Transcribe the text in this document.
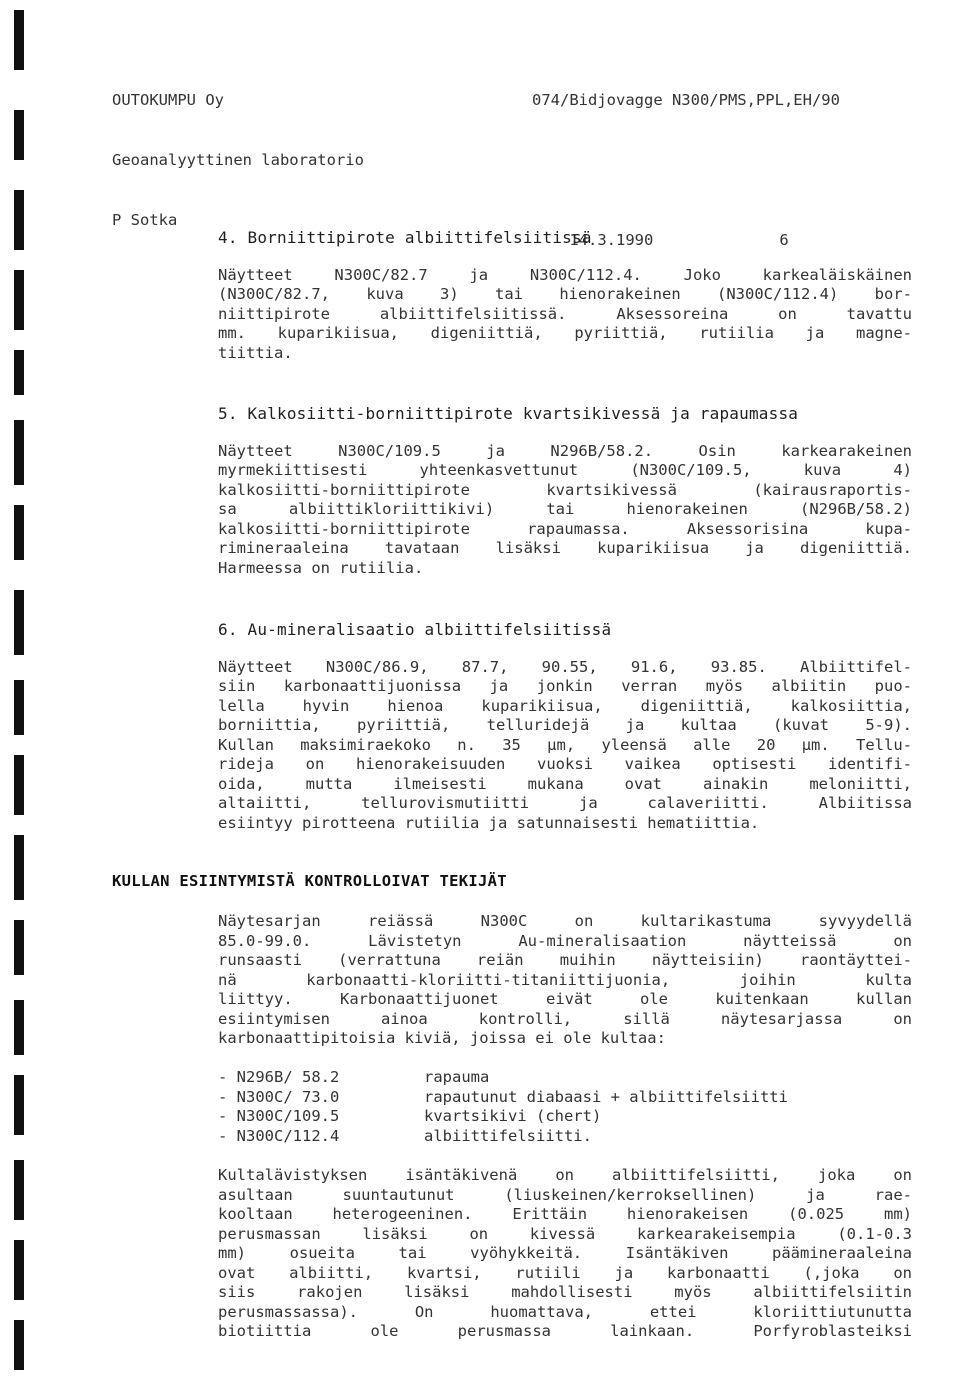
OUTOKUMPU Oy

Geoanalyyttinen laboratorio

P Sotka

074/Bidjovagge N300/PMS,PPL,EH/90

14.3.1990	6

4. Borniittipirote albiittifelsiitissä
Näytteet N300C/82.7 ja N300C/112.4. Joko karkealäiskäinen
(N300C/82.7, kuva 3) tai hienorakeinen (N300C/112.4) bor-
niittipirote albiittifelsiitissä. Aksessoreina on tavattu
mm. kuparikiisua, digeniittiä, pyriittiä, rutiilia ja magne-
tiittia.
5. Kalkosiitti-borniittipirote kvartsikivessä ja rapaumassa
Näytteet N300C/109.5 ja N296B/58.2. Osin karkearakeinen
myrmekiittisesti yhteenkasvettunut (N300C/109.5, kuva 4)
kalkosiitti-borniittipirote kvartsikivessä (kairausraportis-
sa albiittikloriittikivi) tai hienorakeinen (N296B/58.2)
kalkosiitti-borniittipirote rapaumassa. Aksessorisina kupa-
rimineraaleina tavataan lisäksi kuparikiisua ja digeniittiä.
Harmeessa on rutiilia.
6. Au-mineralisaatio albiittifelsiitissä
Näytteet N300C/86.9, 87.7, 90.55, 91.6, 93.85. Albiittifel-
siin karbonaattijuonissa ja jonkin verran myös albiitin puo-
lella hyvin hienoa kuparikiisua, digeniittiä, kalkosiittia,
borniittia, pyriittiä, telluridejä ja kultaa (kuvat 5-9).
Kullan maksimiraekoko n. 35 µm, yleensä alle 20 µm. Tellu-
rideja on hienorakeisuuden vuoksi vaikea optisesti identifi-
oida, mutta ilmeisesti mukana ovat ainakin meloniitti,
altaiitti, tellurovismutiitti ja calaveriitti. Albiitissa
esiintyy pirotteena rutiilia ja satunnaisesti hematiittia.
KULLAN ESIINTYMISTÄ KONTROLLOIVAT TEKIJÄT
Näytesarjan reiässä N300C on kultarikastuma syvyydellä
85.0-99.0. Lävistetyn Au-mineralisaation näytteissä on
runsaasti (verrattuna reiän muihin näytteisiin) raontäyttei-
nä karbonaatti-kloriitti-titaniittijuonia, joihin kulta
liittyy. Karbonaattijuonet eivät ole kuitenkaan kullan
esiintymisen ainoa kontrolli, sillä näytesarjassa on
karbonaattipitoisia kiviä, joissa ei ole kultaa:
- N296B/ 58.2	rapauma
- N300C/ 73.0	rapautunut diabaasi + albiittifelsiitti
- N300C/109.5	kvartsikivi (chert)
- N300C/112.4	albiittifelsiitti.
Kultalävistyksen isäntäkivenä on albiittifelsiitti, joka on
asultaan suuntautunut (liuskeinen/kerroksellinen) ja rae-
kooltaan heterogeeninen. Erittäin hienorakeisen (0.025 mm)
perusmassan lisäksi on kivessä karkearakeisempia (0.1-0.3
mm) osueita tai vyöhykkeitä. Isäntäkiven päämineraaleina
ovat albiitti, kvartsi, rutiili ja karbonaatti (,joka on
siis rakojen lisäksi mahdollisesti myös albiittifelsiitin
perusmassassa). On huomattava, ettei kloriittiutunutta
biotiittia ole perusmassa lainkaan. Porfyroblasteiksi
